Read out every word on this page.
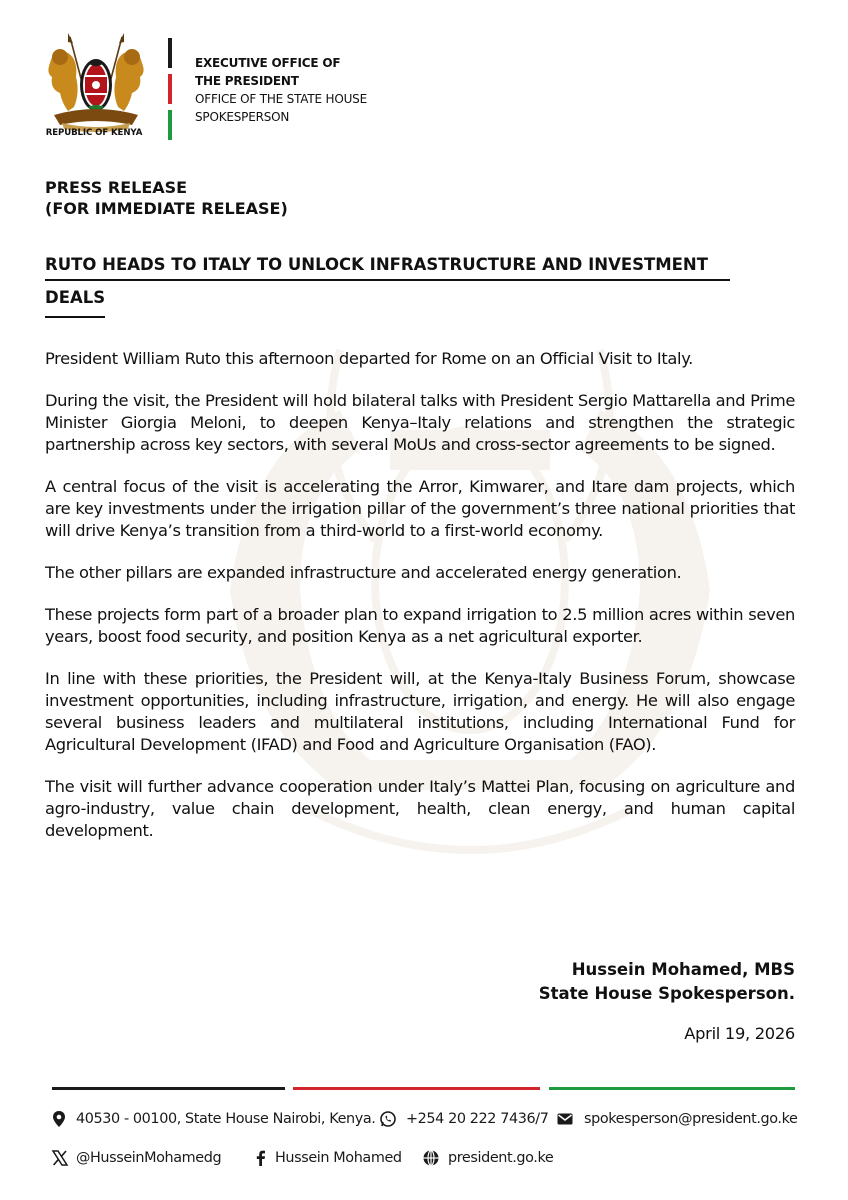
REPUBLIC OF KENYA
EXECUTIVE OFFICE OF
THE PRESIDENT
OFFICE OF THE STATE HOUSE
SPOKESPERSON
PRESS RELEASE
(FOR IMMEDIATE RELEASE)
RUTO HEADS TO ITALY TO UNLOCK INFRASTRUCTURE AND INVESTMENT
DEALS

President William Ruto this afternoon departed for Rome on an Official Visit to Italy.

During the visit, the President will hold bilateral talks with President Sergio Mattarella and Prime Minister Giorgia Meloni, to deepen Kenya–Italy relations and strengthen the strategic partnership across key sectors, with several MoUs and cross-sector agreements to be signed.

A central focus of the visit is accelerating the Arror, Kimwarer, and Itare dam projects, which are key investments under the irrigation pillar of the government’s three national priorities that will drive Kenya’s transition from a third-world to a first-world economy.

The other pillars are expanded infrastructure and accelerated energy generation.

These projects form part of a broader plan to expand irrigation to 2.5 million acres within seven years, boost food security, and position Kenya as a net agricultural exporter.

In line with these priorities, the President will, at the Kenya-Italy Business Forum, showcase investment opportunities, including infrastructure, irrigation, and energy. He will also engage several business leaders and multilateral institutions, including International Fund for Agricultural Development (IFAD) and Food and Agriculture Organisation (FAO).

The visit will further advance cooperation under Italy’s Mattei Plan, focusing on agriculture and agro-industry, value chain development, health, clean energy, and human capital development.

Hussein Mohamed, MBS
State House Spokesperson.
April 19, 2026
40530 - 00100, State House Nairobi, Kenya. +254 20 222 7436/7 spokesperson@president.go.ke
@HusseinMohamedg	Hussein Mohamed	president.go.ke
